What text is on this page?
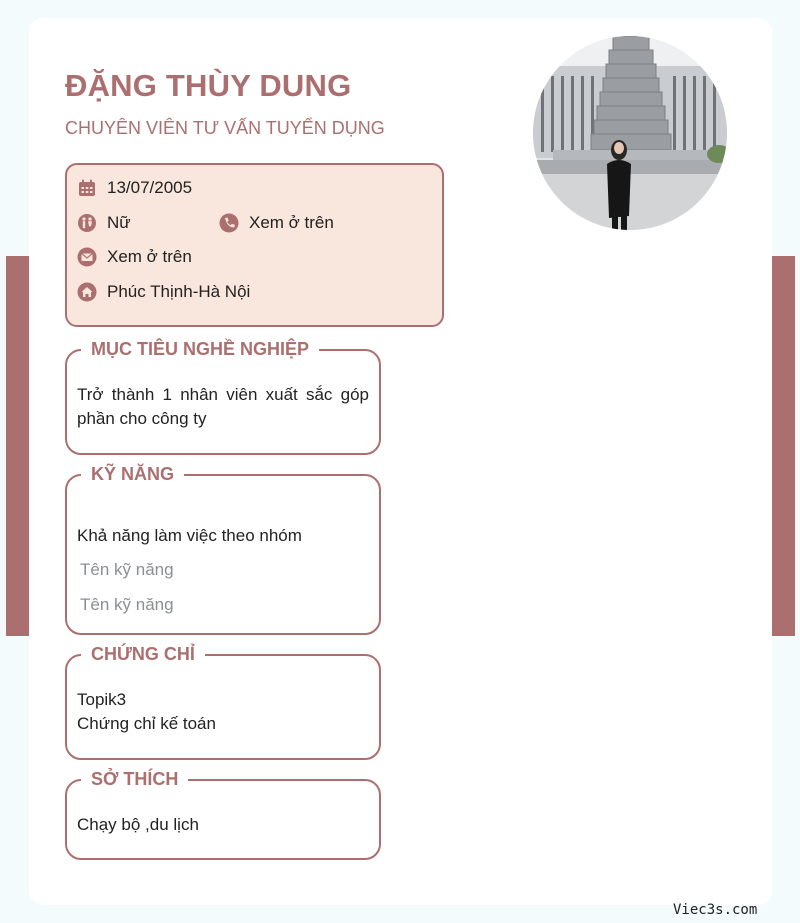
ĐẶNG THÙY DUNG
CHUYÊN VIÊN TƯ VẤN TUYỂN DỤNG
13/07/2005
Nữ	Xem ở trên
Xem ở trên
Phúc Thịnh-Hà Nội
MỤC TIÊU NGHỀ NGHIỆP
Trở thành 1 nhân viên xuất sắc góp phần cho công ty
KỸ NĂNG
Khả năng làm việc theo nhóm
Tên kỹ năng
Tên kỹ năng
CHỨNG CHỈ
Topik3
Chứng chỉ kế toán
SỞ THÍCH
Chạy bộ ,du lịch
Viec3s.com
